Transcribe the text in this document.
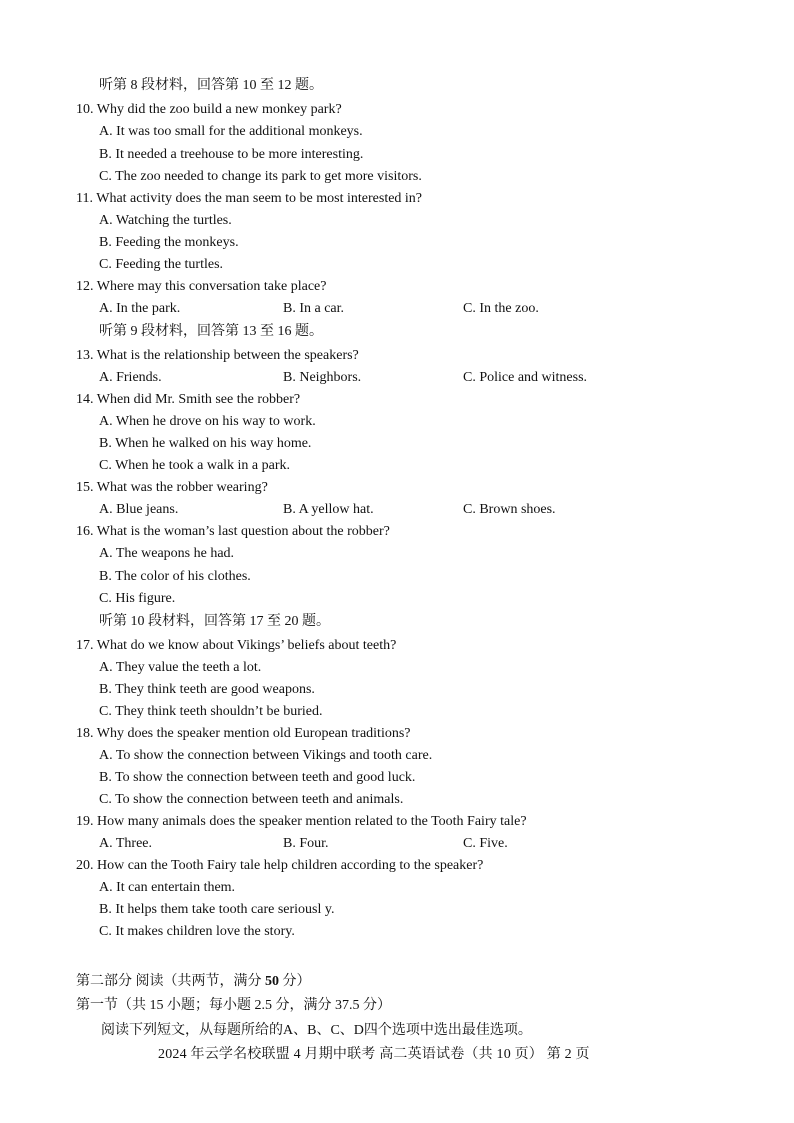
听第 8 段材料，回答第 10 至 12 题。
10. Why did the zoo build a new monkey park?
A. It was too small for the additional monkeys.
B. It needed a treehouse to be more interesting.
C. The zoo needed to change its park to get more visitors.
11. What activity does the man seem to be most interested in?
A. Watching the turtles.
B. Feeding the monkeys.
C. Feeding the turtles.
12. Where may this conversation take place?
A. In the park.	B. In a car.	C. In the zoo.
听第 9 段材料，回答第 13 至 16 题。
13. What is the relationship between the speakers?
A. Friends.	B. Neighbors.	C. Police and witness.
14. When did Mr. Smith see the robber?
A. When he drove on his way to work.
B. When he walked on his way home.
C. When he took a walk in a park.
15. What was the robber wearing?
A. Blue jeans.	B. A yellow hat.	C. Brown shoes.
16. What is the woman’s last question about the robber?
A. The weapons he had.
B. The color of his clothes.
C. His figure.
听第 10 段材料，回答第 17 至 20 题。
17. What do we know about Vikings’ beliefs about teeth?
A. They value the teeth a lot.
B. They think teeth are good weapons.
C. They think teeth shouldn’t be buried.
18. Why does the speaker mention old European traditions?
A. To show the connection between Vikings and tooth care.
B. To show the connection between teeth and good luck.
C. To show the connection between teeth and animals.
19. How many animals does the speaker mention related to the Tooth Fairy tale?
A. Three.	B. Four.	C. Five.
20. How can the Tooth Fairy tale help children according to the speaker?
A. It can entertain them.
B. It helps them take tooth care seriousl y.
C. It makes children love the story.
第二部分 阅读（共两节，满分 50 分）
第一节（共 15 小题；每小题 2.5 分，满分 37.5 分）
阅读下列短文，从每题所给的A、B、C、D四个选项中选出最佳选项。
2024 年云学名校联盟 4 月期中联考 高二英语试卷（共 10 页） 第 2 页
